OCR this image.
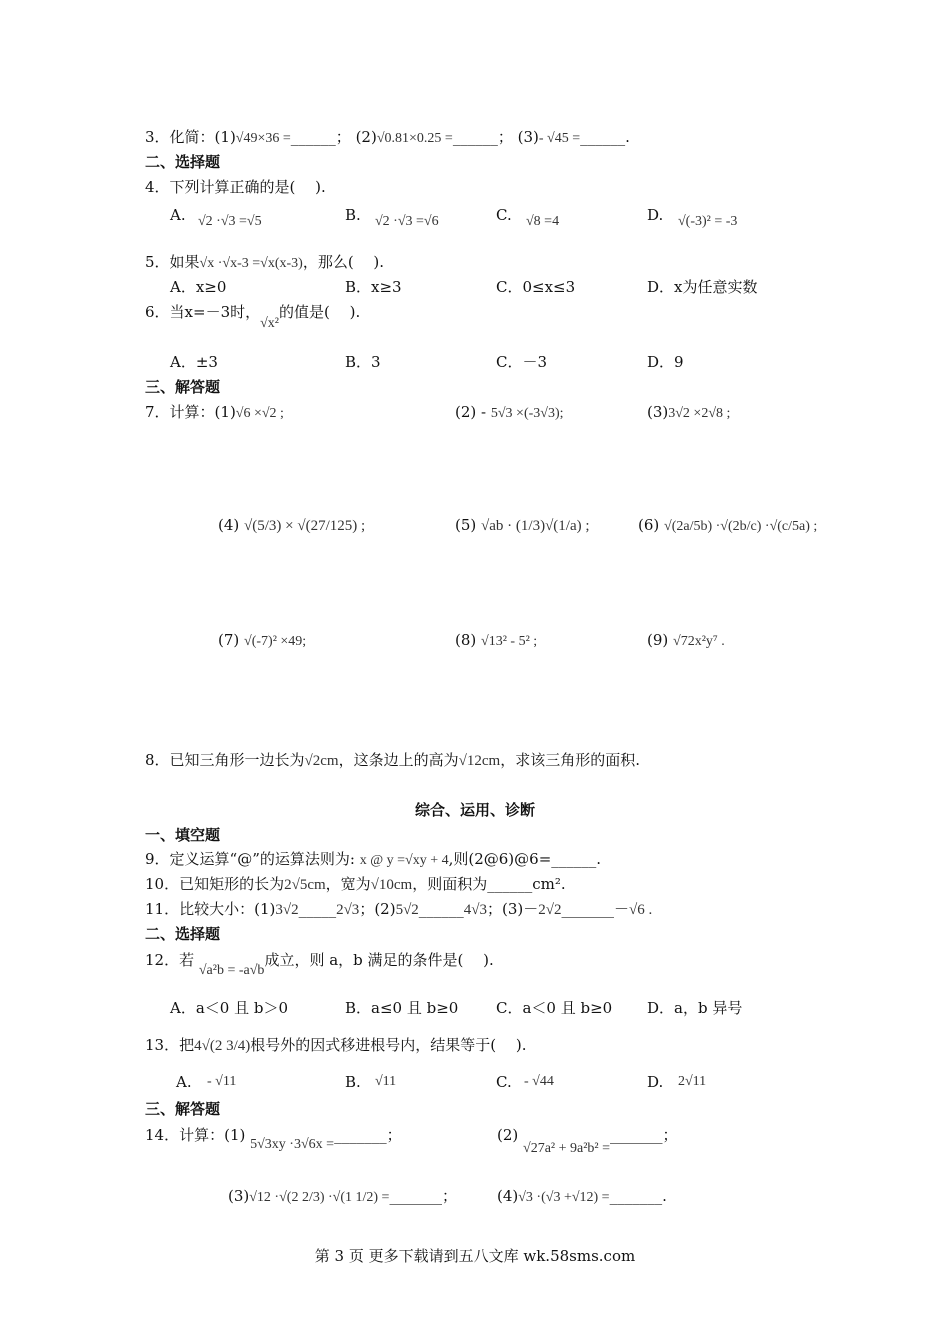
3．化简：(1)√49×36 =______； (2)√0.81×0.25 =______； (3)- √45 =______.
二、选择题
4．下列计算正确的是(　 ).
A. √2 ·√3 =√5	B. √2 ·√3 =√6	C. √8 =4	D. √(-3)² = -3
5．如果√x ·√x-3 =√x(x-3)，那么(　 ).
A．x≥0	B．x≥3	C．0≤x≤3	D．x为任意实数
6．当x=－3时，√x²的值是(　 ).
A．±3	B．3	C．－3	D．9
三、解答题
7．计算：(1)√6 ×√2 ;	(2) - 5√3 ×(-3√3);	(3)3√2 ×2√8 ;
(4) √(5/3) × √(27/125) ;	(5) √ab · (1/3)√(1/a) ;	(6) √(2a/5b) ·√(2b/c) ·√(c/5a) ;
(7) √(-7)² ×49;	(8) √13² - 5² ;	(9) √72x²y⁷ .
8．已知三角形一边长为√2cm，这条边上的高为√12cm，求该三角形的面积.
综合、运用、诊断
一、填空题
9．定义运算“@”的运算法则为: x @ y =√xy + 4,则(2@6)@6=______.
10．已知矩形的长为2√5cm，宽为√10cm，则面积为______cm².
11．比较大小：(1)3√2_____2√3；(2)5√2______4√3；(3)－2√2_______－√6 .
二、选择题
12．若 √a²b = -a√b成立，则 a，b 满足的条件是(　 ).
A．a＜0 且 b＞0	B．a≤0 且 b≥0	C．a＜0 且 b≥0 D．a，b 异号
13．把4√(2 3/4)根号外的因式移进根号内，结果等于(　 ).
A. - √11	B. √11	C. - √44	D. 2√11
三、解答题
14．计算：(1) 5√3xy ·3√6x =_______；	(2) √27a² + 9a²b² =_______；
(3)√12 ·√(2 2/3) ·√(1 1/2) =_______；	(4)√3 ·(√3 +√12) =_______.
第 3 页 更多下载请到五八文库 wk.58sms.com
